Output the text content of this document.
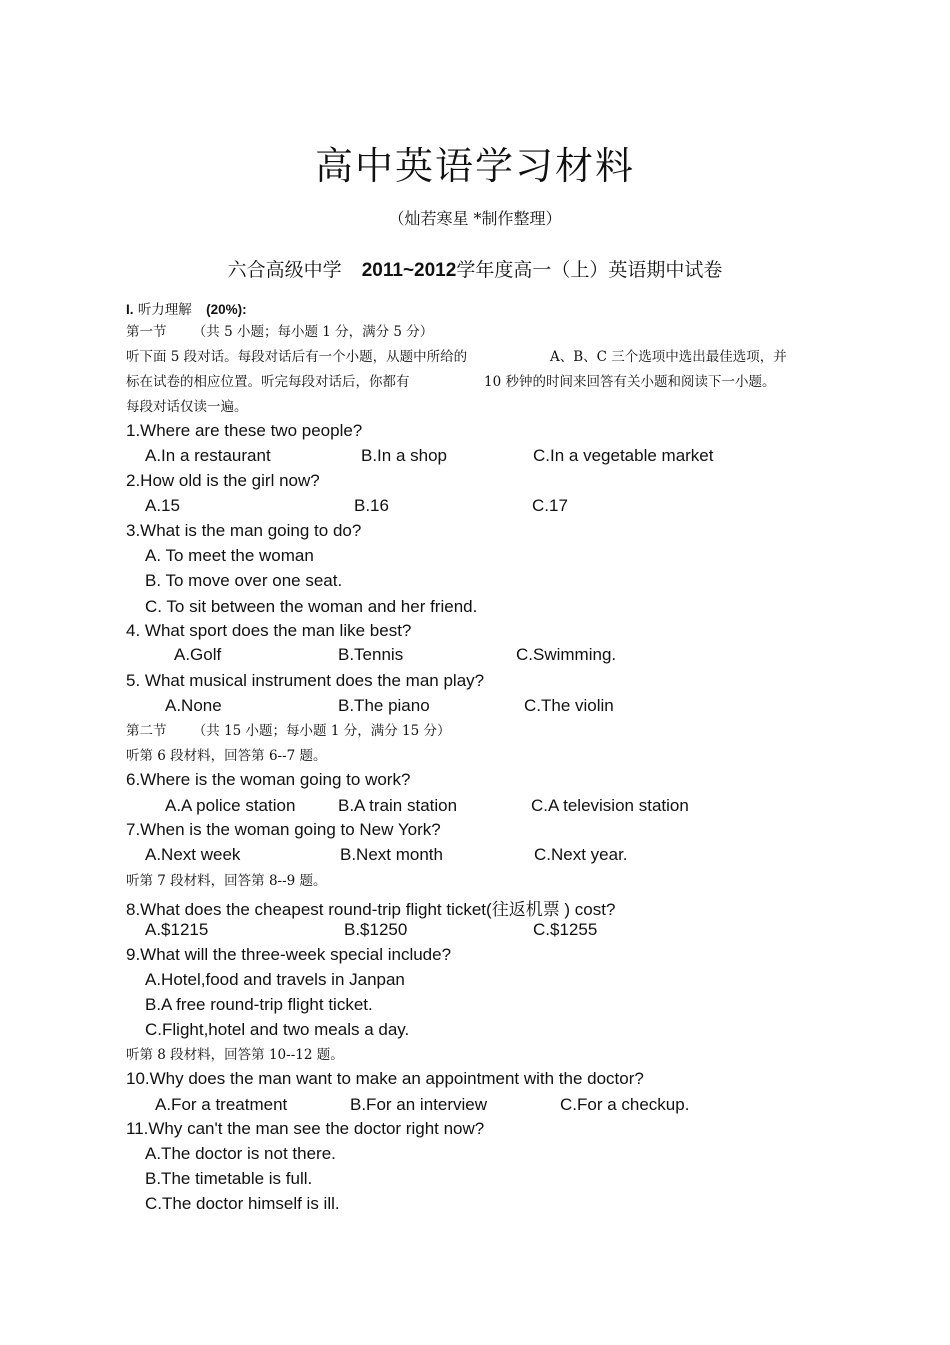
高中英语学习材料
（灿若寒星 *制作整理）
六合高级中学 2011~2012学年度高一（上）英语期中试卷
I. 听力理解 (20%):
第一节 （共 5 小题；每小题 1 分，满分 5 分）
听下面 5 段对话。每段对话后有一个小题，从题中所给的	A、B、C 三个选项中选出最佳选项，并
标在试卷的相应位置。听完每段对话后，你都有	10 秒钟的时间来回答有关小题和阅读下一小题。
每段对话仅读一遍。
1.Where are these two people?
A.In a restaurant	B.In a shop	C.In a vegetable market
2.How old is the girl now?
A.15	B.16	C.17
3.What is the man going to do?
A. To meet the woman
B. To move over one seat.
C. To sit between the woman and her friend.
4. What sport does the man like best?
A.Golf	B.Tennis	C.Swimming.
5. What musical instrument does the man play?
A.None	B.The piano	C.The violin
第二节 （共 15 小题；每小题 1 分，满分 15 分）
听第 6 段材料，回答第 6--7 题。
6.Where is the woman going to work?
A.A police station	B.A train station	C.A television station
7.When is the woman going to New York?
A.Next week	B.Next month	C.Next year.
听第 7 段材料，回答第 8--9 题。
8.What does the cheapest round-trip flight ticket(往返机票 ) cost?
A.$1215	B.$1250	C.$1255
9.What will the three-week special include?
A.Hotel,food and travels in Janpan
B.A free round-trip flight ticket.
C.Flight,hotel and two meals a day.
听第 8 段材料，回答第 10--12 题。
10.Why does the man want to make an appointment with the doctor?
A.For a treatment	B.For an interview	C.For a checkup.
11.Why can't the man see the doctor right now?
A.The doctor is not there.
B.The timetable is full.
C.The doctor himself is ill.
